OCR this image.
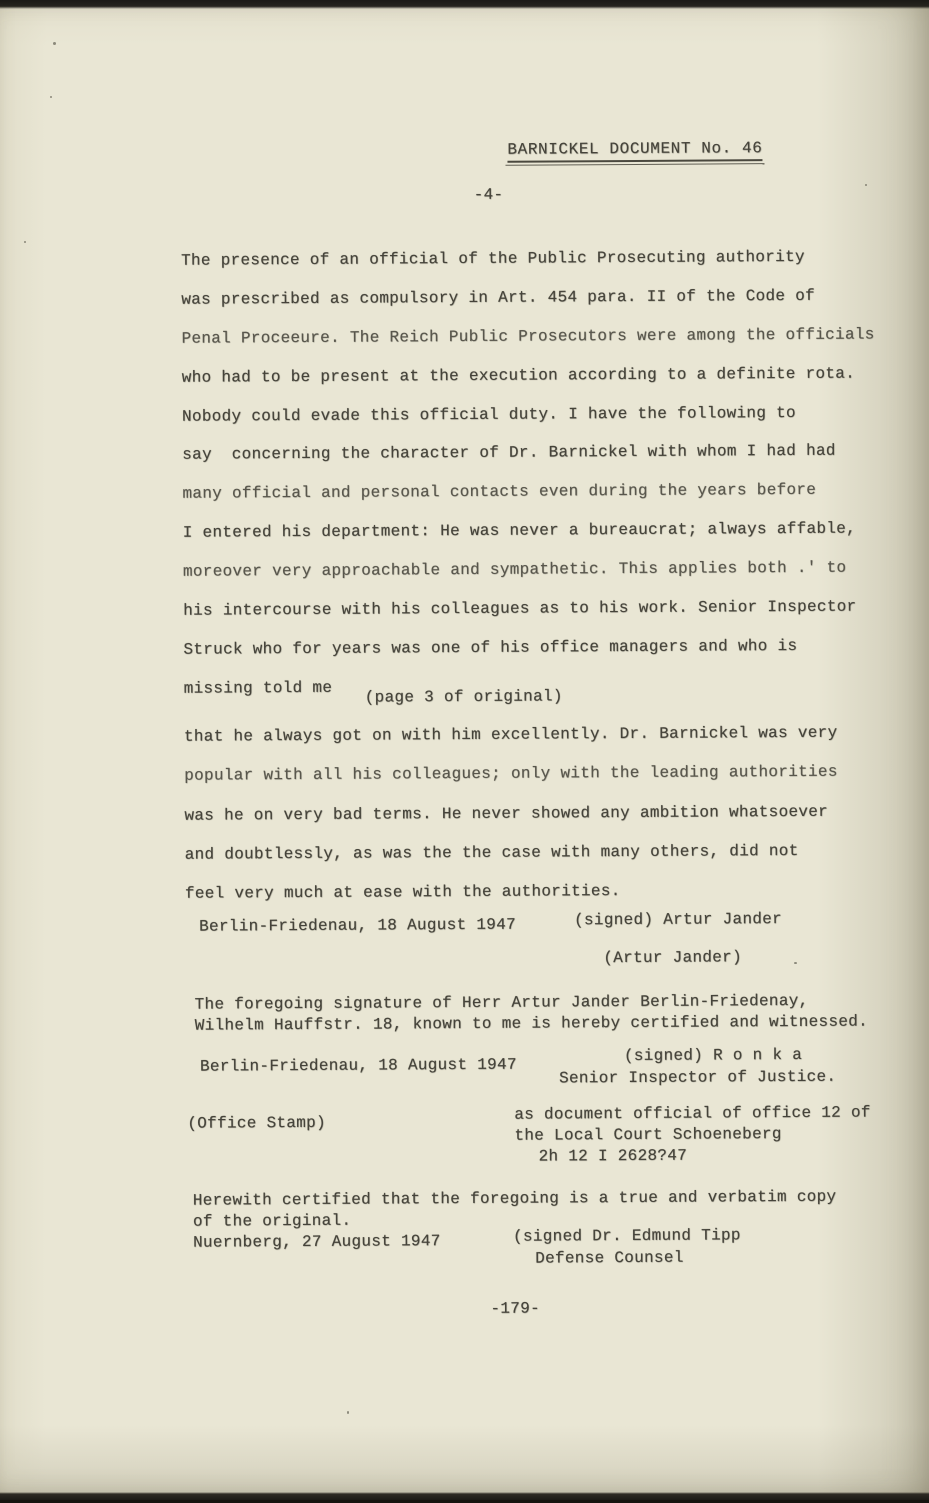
BARNICKEL DOCUMENT No. 46
-4-
The presence of an official of the Public Prosecuting authority
was prescribed as compulsory in Art. 454 para. II of the Code of
Penal Proceeure. The Reich Public Prosecutors were among the officials
who had to be present at the execution according to a definite rota.
Nobody could evade this official duty. I have the following to
say  concerning the character of Dr. Barnickel with whom I had had
many official and personal contacts even during the years before
I entered his department: He was never a bureaucrat; always affable,
moreover very approachable and sympathetic. This applies both .' to
his intercourse with his colleagues as to his work. Senior Inspector
Struck who for years was one of his office managers and who is
missing told me	(page 3 of original)
that he always got on with him excellently. Dr. Barnickel was very
popular with all his colleagues; only with the leading authorities
was he on very bad terms. He never showed any ambition whatsoever
and doubtlessly, as was the the case with many others, did not
feel very much at ease with the authorities.
Berlin-Friedenau, 18 August 1947	(signed) Artur Jander
(Artur Jander)
The foregoing signature of Herr Artur Jander Berlin-Friedenay,
Wilhelm Hauffstr. 18, known to me is hereby certified and witnessed.
Berlin-Friedenau, 18 August 1947
(signed) R o n k a
Senior Inspector of Justice.
(Office Stamp)	as document official of office 12 of
the Local Court Schoeneberg
2h 12 I 2628?47
Herewith certified that the foregoing is a true and verbatim copy
of the original.
Nuernberg, 27 August 1947	(signed Dr. Edmund Tipp
Defense Counsel
-179-
